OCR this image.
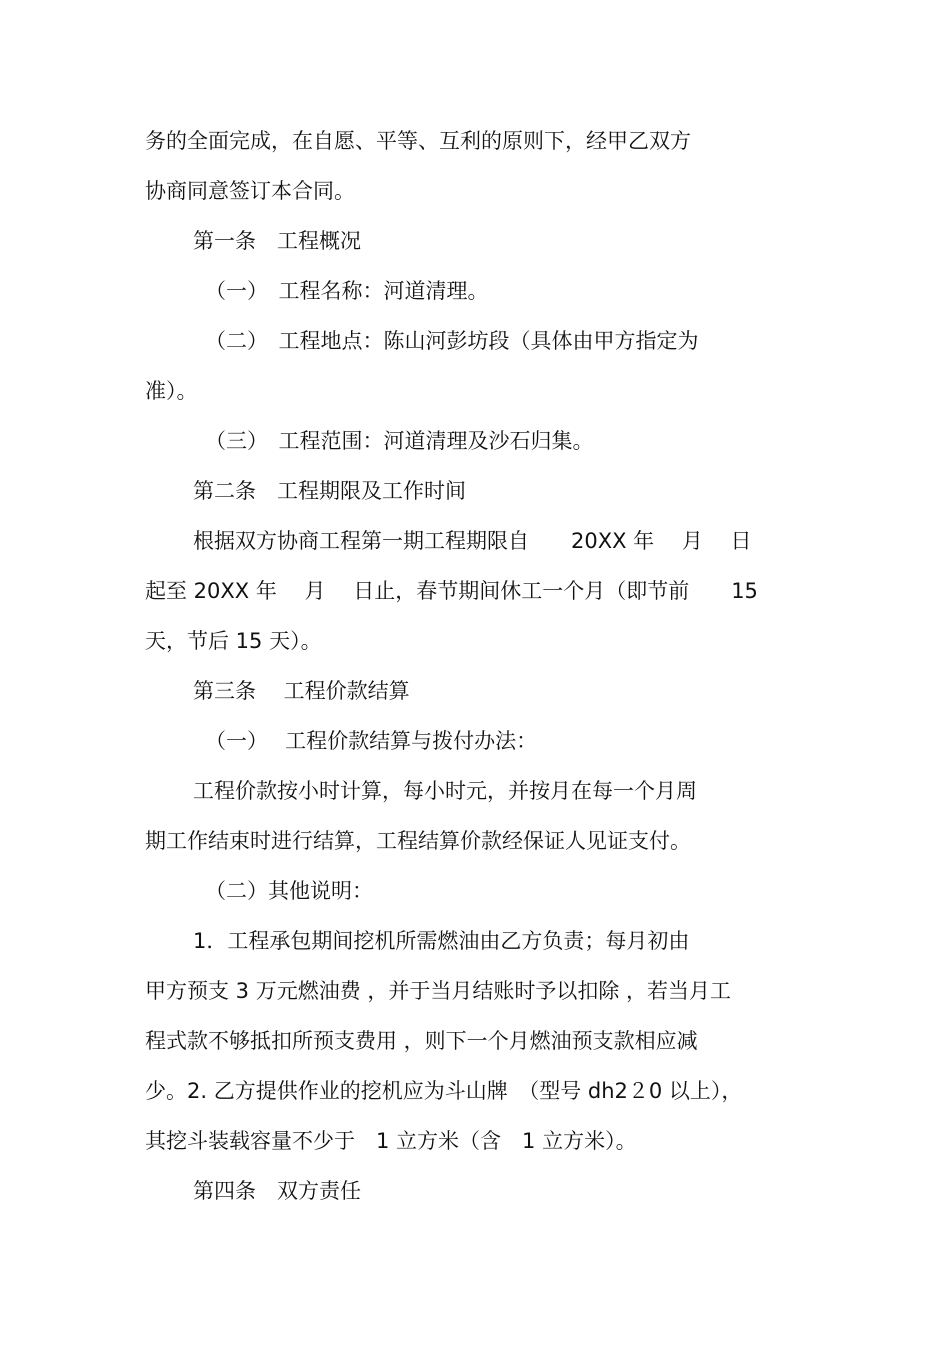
务的全面完成，在自愿、平等、互利的原则下，经甲乙双方
协商同意签订本合同。
第一条　工程概况
（一）　工程名称：河道清理。
（二）　工程地点：陈山河彭坊段（具体由甲方指定为
准）。
（三）　工程范围：河道清理及沙石归集。
第二条　工程期限及工作时间
根据双方协商工程第一期工程期限自　　20XX 年　 月　 日
起至 20XX 年　 月　 日止，春节期间休工一个月（即节前　　15
天，节后 15 天）。
第三条　 工程价款结算
（一）　 工程价款结算与拨付办法：
工程价款按小时计算，每小时元，并按月在每一个月周
期工作结束时进行结算，工程结算价款经保证人见证支付。
（二）其他说明：
1．工程承包期间挖机所需燃油由乙方负责；每月初由
甲方预支 3 万元燃油费 ，并于当月结账时予以扣除 ，若当月工
程式款不够抵扣所预支费用 ，则下一个月燃油预支款相应减
少。2. 乙方提供作业的挖机应为斗山牌　（型号 dh2２0 以上），
其挖斗装载容量不少于　1 立方米（含　1 立方米）。
第四条　双方责任
